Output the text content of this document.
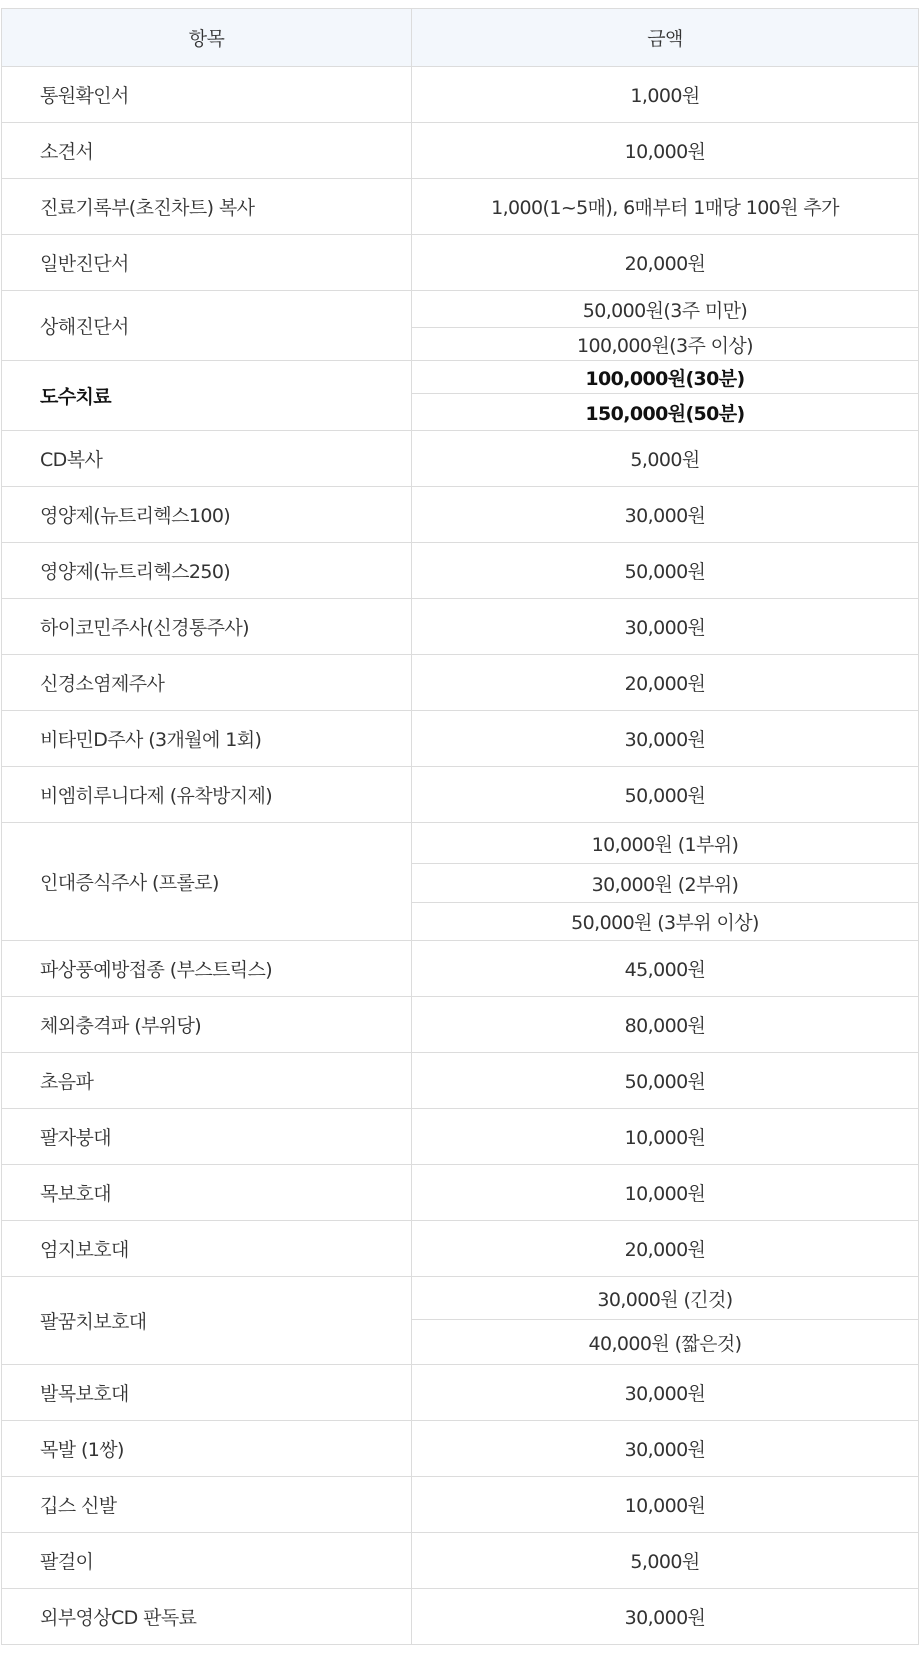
항목	금액
통원확인서	1,000원
소견서	10,000원
진료기록부(초진차트) 복사	1,000(1~5매), 6매부터 1매당 100원 추가
일반진단서	20,000원
상해진단서	50,000원(3주 미만)
	100,000원(3주 이상)
도수치료	100,000원(30분)
	150,000원(50분)
CD복사	5,000원
영양제(뉴트리헥스100)	30,000원
영양제(뉴트리헥스250)	50,000원
하이코민주사(신경통주사)	30,000원
신경소염제주사	20,000원
비타민D주사 (3개월에 1회)	30,000원
비엠히루니다제 (유착방지제)	50,000원
인대증식주사 (프롤로)	10,000원 (1부위)
	30,000원 (2부위)
	50,000원 (3부위 이상)
파상풍예방접종 (부스트릭스)	45,000원
체외충격파 (부위당)	80,000원
초음파	50,000원
팔자붕대	10,000원
목보호대	10,000원
엄지보호대	20,000원
팔꿈치보호대	30,000원 (긴것)
	40,000원 (짧은것)
발목보호대	30,000원
목발 (1쌍)	30,000원
깁스 신발	10,000원
팔걸이	5,000원
외부영상CD 판독료	30,000원
